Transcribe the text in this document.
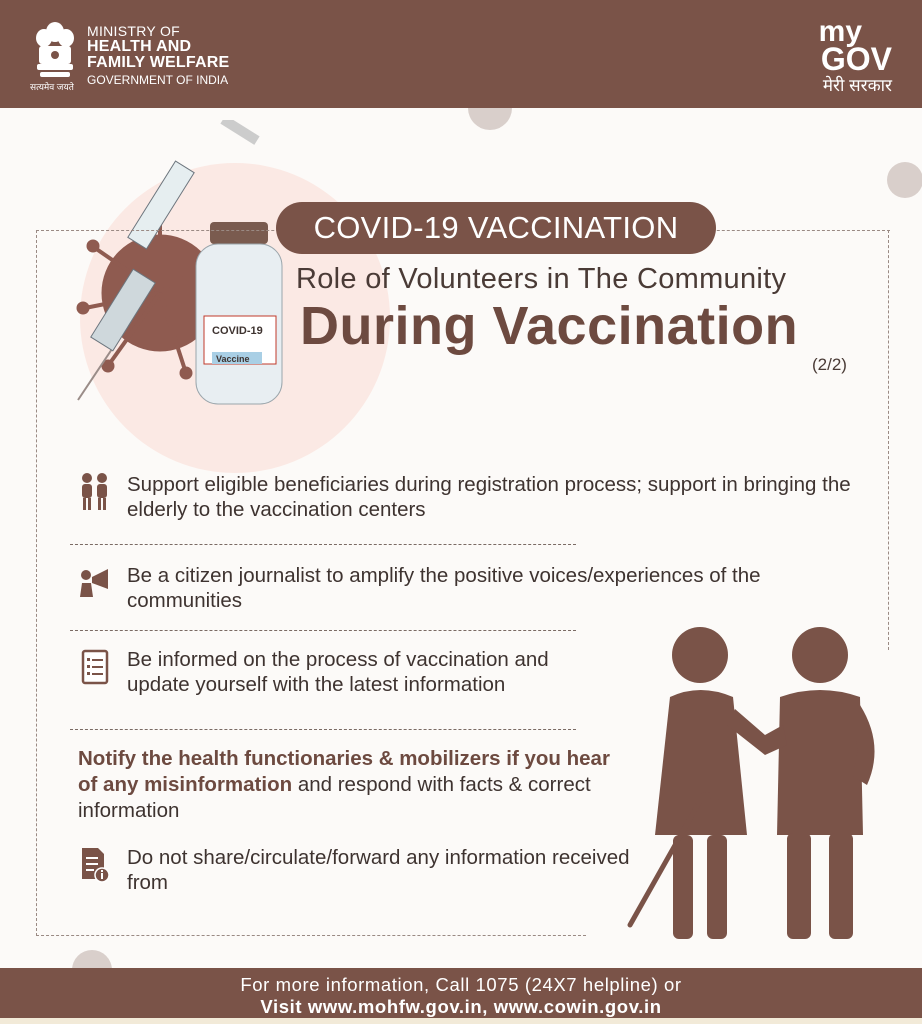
सत्यमेव जयते
MINISTRY OF
HEALTH AND
FAMILY WELFARE
GOVERNMENT OF INDIA
my
GOV
मेरी सरकार
COVID-19
Vaccine
COVID-19 VACCINATION
Role of Volunteers in The Community
During Vaccination
(2/2)
Support eligible beneficiaries during registration process; support in bringing the elderly to the vaccination centers
Be a citizen journalist to amplify the positive voices/experiences of the communities
Be informed on the process of vaccination and update yourself with the latest information
Notify the health functionaries & mobilizers if you hear of any misinformation and respond with facts & correct information
Do not share/circulate/forward any information received from
For more information, Call 1075 (24X7 helpline) or
Visit www.mohfw.gov.in, www.cowin.gov.in
